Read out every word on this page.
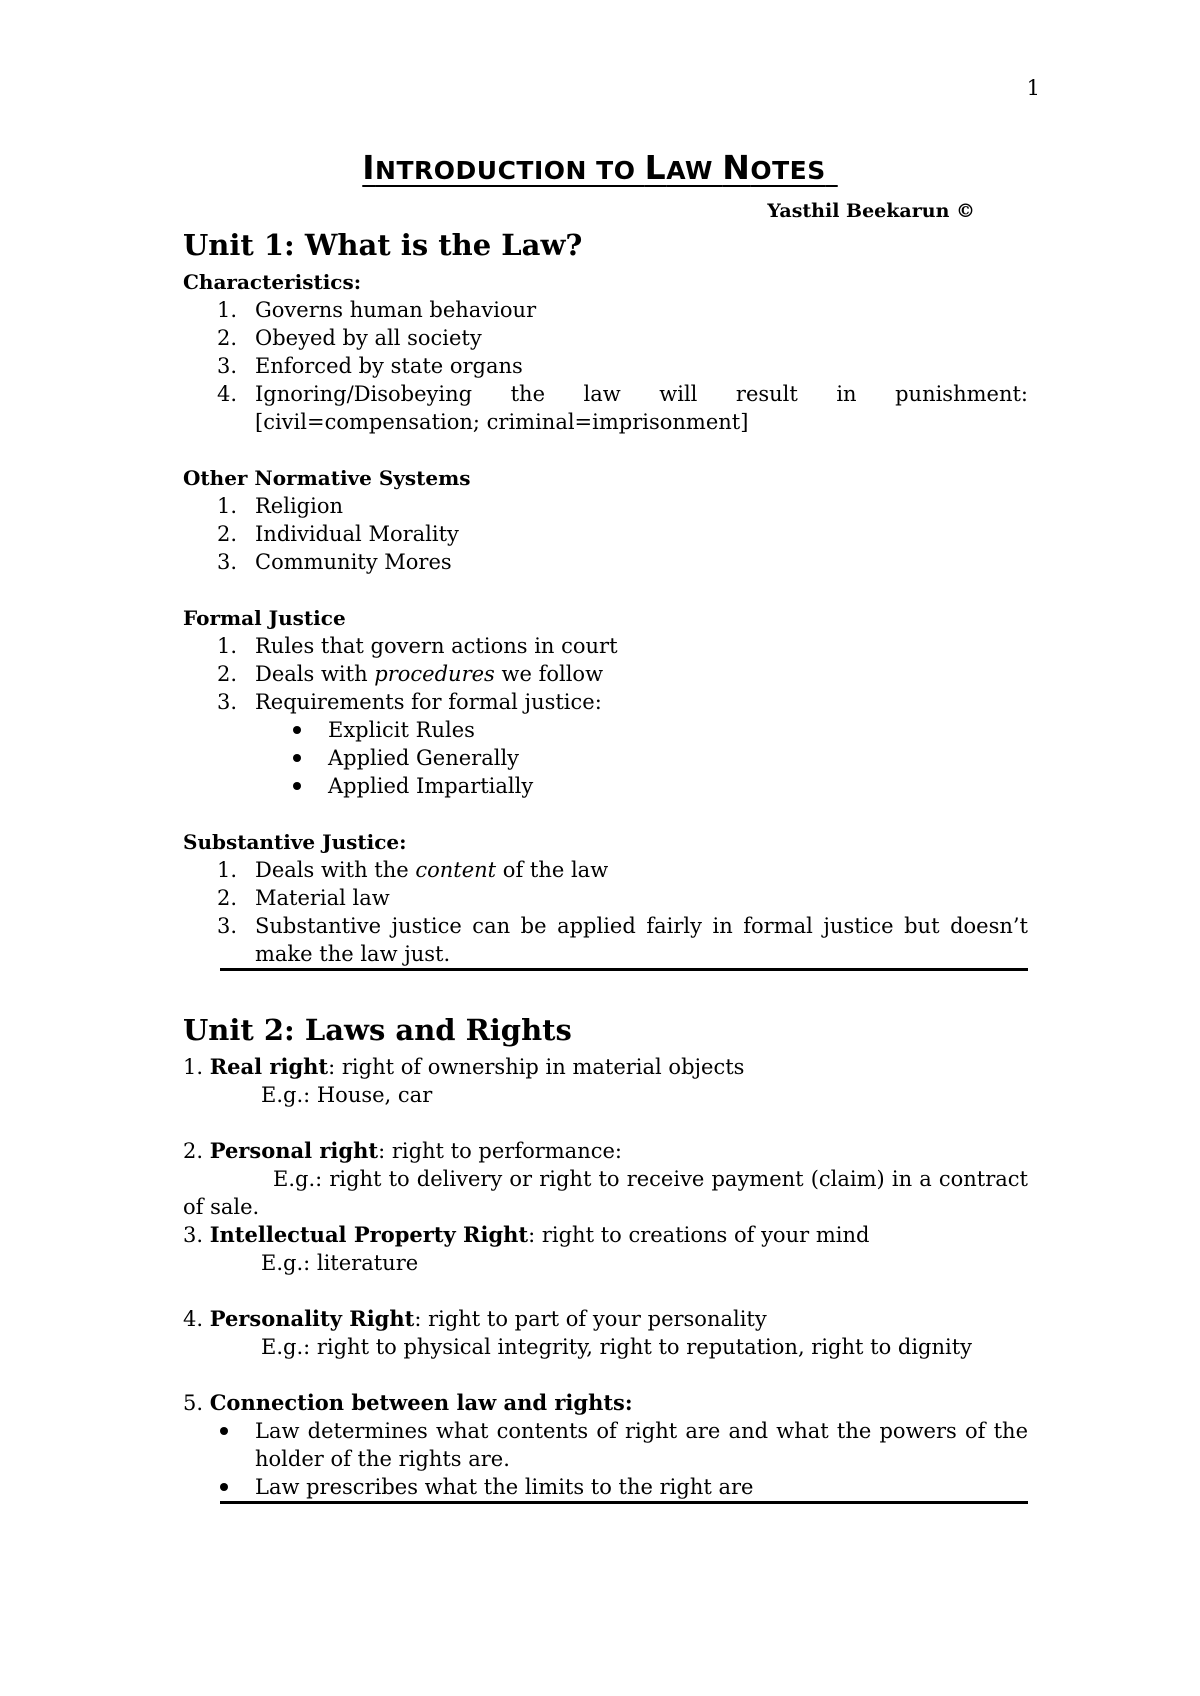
1
INTRODUCTION TO LAW NOTES
Yasthil Beekarun ©
Unit 1: What is the Law?
Characteristics:
1. Governs human behaviour
2. Obeyed by all society
3. Enforced by state organs
4. Ignoring/Disobeying the law will result in punishment: [civil=compensation; criminal=imprisonment]
Other Normative Systems
1. Religion
2. Individual Morality
3. Community Mores
Formal Justice
1. Rules that govern actions in court
2. Deals with procedures we follow
3. Requirements for formal justice:
Explicit Rules
Applied Generally
Applied Impartially
Substantive Justice:
1. Deals with the content of the law
2. Material law
3. Substantive justice can be applied fairly in formal justice but doesn’t make the law just.
Unit 2: Laws and Rights

1. Real right: right of ownership in material objects

E.g.: House, car

2. Personal right: right to performance:

E.g.: right to delivery or right to receive payment (claim) in a contract of sale.

3. Intellectual Property Right: right to creations of your mind

E.g.: literature

4. Personality Right: right to part of your personality

E.g.: right to physical integrity, right to reputation, right to dignity

5. Connection between law and rights:

Law determines what contents of right are and what the powers of the holder of the rights are.
Law prescribes what the limits to the right are
